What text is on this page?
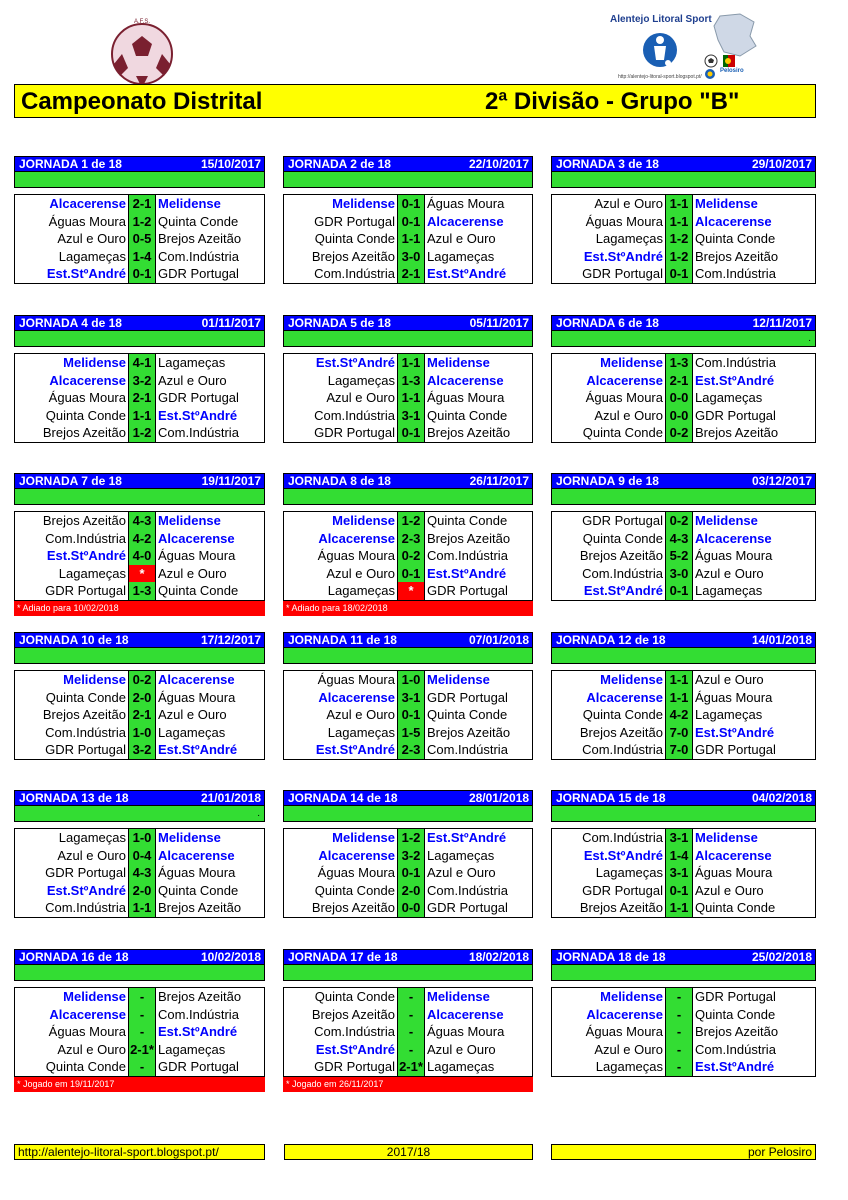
A.F.S.	Alentejo Litoral Sport
Pelosiro
http://alentejo-litoral-sport.blogspot.pt/
Campeonato Distrital	2ª Divisão - Grupo "B"
JORNADA 1 de 18	15/10/2017
Alcacerense 2-1 Melidense
Águas Moura 1-2 Quinta Conde
Azul e Ouro 0-5 Brejos Azeitão
Lagameças 1-4 Com.Indústria
Est.StºAndré 0-1 GDR Portugal
JORNADA 2 de 18	22/10/2017
Melidense 0-1 Águas Moura
GDR Portugal 0-1 Alcacerense
Quinta Conde 1-1 Azul e Ouro
Brejos Azeitão 3-0 Lagameças
Com.Indústria 2-1 Est.StºAndré
JORNADA 3 de 18	29/10/2017
Azul e Ouro 1-1 Melidense
Águas Moura 1-1 Alcacerense
Lagameças 1-2 Quinta Conde
Est.StºAndré 1-2 Brejos Azeitão
GDR Portugal 0-1 Com.Indústria
JORNADA 4 de 18	01/11/2017
Melidense 4-1 Lagameças
Alcacerense 3-2 Azul e Ouro
Águas Moura 2-1 GDR Portugal
Quinta Conde 1-1 Est.StºAndré
Brejos Azeitão 1-2 Com.Indústria
JORNADA 5 de 18	05/11/2017
Est.StºAndré 1-1 Melidense
Lagameças 1-3 Alcacerense
Azul e Ouro 1-1 Águas Moura
Com.Indústria 3-1 Quinta Conde
GDR Portugal 0-1 Brejos Azeitão
JORNADA 6 de 18	12/11/2017
.
Melidense 1-3 Com.Indústria
Alcacerense 2-1 Est.StºAndré
Águas Moura 0-0 Lagameças
Azul e Ouro 0-0 GDR Portugal
Quinta Conde 0-2 Brejos Azeitão
JORNADA 7 de 18	19/11/2017
Brejos Azeitão 4-3 Melidense
Com.Indústria 4-2 Alcacerense
Est.StºAndré 4-0 Águas Moura
Lagameças	*	Azul e Ouro
GDR Portugal 1-3 Quinta Conde
* Adiado para 10/02/2018
JORNADA 8 de 18	26/11/2017
Melidense 1-2 Quinta Conde
Alcacerense 2-3 Brejos Azeitão
Águas Moura 0-2 Com.Indústria
Azul e Ouro 0-1 Est.StºAndré
Lagameças	*	GDR Portugal
* Adiado para 18/02/2018
JORNADA 9 de 18	03/12/2017
GDR Portugal 0-2 Melidense
Quinta Conde 4-3 Alcacerense
Brejos Azeitão 5-2 Águas Moura
Com.Indústria 3-0 Azul e Ouro
Est.StºAndré 0-1 Lagameças
JORNADA 10 de 18	17/12/2017
Melidense 0-2 Alcacerense
Quinta Conde 2-0 Águas Moura
Brejos Azeitão 2-1 Azul e Ouro
Com.Indústria 1-0 Lagameças
GDR Portugal 3-2 Est.StºAndré
JORNADA 11 de 18	07/01/2018
Águas Moura 1-0 Melidense
Alcacerense 3-1 GDR Portugal
Azul e Ouro 0-1 Quinta Conde
Lagameças 1-5 Brejos Azeitão
Est.StºAndré 2-3 Com.Indústria
JORNADA 12 de 18	14/01/2018
Melidense 1-1 Azul e Ouro
Alcacerense 1-1 Águas Moura
Quinta Conde 4-2 Lagameças
Brejos Azeitão 7-0 Est.StºAndré
Com.Indústria 7-0 GDR Portugal
JORNADA 13 de 18	21/01/2018
.
Lagameças 1-0 Melidense
Azul e Ouro 0-4 Alcacerense
GDR Portugal 4-3 Águas Moura
Est.StºAndré 2-0 Quinta Conde
Com.Indústria 1-1 Brejos Azeitão
JORNADA 14 de 18	28/01/2018
Melidense 1-2 Est.StºAndré
Alcacerense 3-2 Lagameças
Águas Moura 0-1 Azul e Ouro
Quinta Conde 2-0 Com.Indústria
Brejos Azeitão 0-0 GDR Portugal
JORNADA 15 de 18	04/02/2018
Com.Indústria 3-1 Melidense
Est.StºAndré 1-4 Alcacerense
Lagameças 3-1 Águas Moura
GDR Portugal 0-1 Azul e Ouro
Brejos Azeitão 1-1 Quinta Conde
JORNADA 16 de 18	10/02/2018
Melidense	-	Brejos Azeitão
Alcacerense	-	Com.Indústria
Águas Moura	-	Est.StºAndré
Azul e Ouro 2-1* Lagameças
Quinta Conde	-	GDR Portugal
* Jogado em 19/11/2017
JORNADA 17 de 18	18/02/2018
Quinta Conde	-	Melidense
Brejos Azeitão	-	Alcacerense
Com.Indústria	-	Águas Moura
Est.StºAndré	-	Azul e Ouro
GDR Portugal 2-1* Lagameças
* Jogado em 26/11/2017
JORNADA 18 de 18	25/02/2018
Melidense	-	GDR Portugal
Alcacerense	-	Quinta Conde
Águas Moura	-	Brejos Azeitão
Azul e Ouro	-	Com.Indústria
Lagameças	-	Est.StºAndré
http://alentejo-litoral-sport.blogspot.pt/	2017/18	por Pelosiro
